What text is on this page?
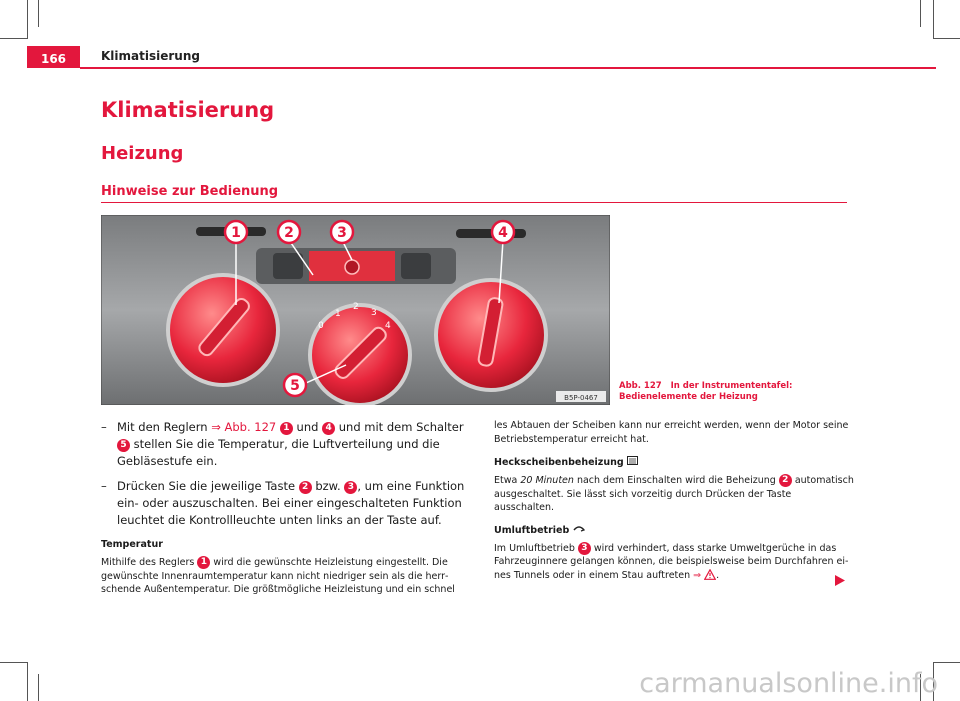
166	Klimatisierung
Klimatisierung
Heizung
Hinweise zur Bedienung
0
1
2
3
4
1	2	3	4
5
B5P-0467
Abb. 127 In der Instrumententafel: Bedienelemente der Heizung
– Mit den Reglern ⇒ Abb. 127 1 und 4 und mit dem Schalter 5 stellen Sie die Temperatur, die Luftverteilung und die Gebläsestufe ein.
– Drücken Sie die jeweilige Taste 2 bzw. 3 , um eine Funktion ein- oder auszuschalten. Bei einer eingeschalteten Funktion leuchtet die Kontrollleuchte unten links an der Taste auf.
Temperatur
Mithilfe des Reglers 1 wird die gewünschte Heizleistung eingestellt. Die gewünschte Innenraumtemperatur kann nicht niedriger sein als die herrschende Außentemperatur. Die größtmögliche Heizleistung und ein schnel
les Abtauen der Scheiben kann nur erreicht werden, wenn der Motor seine Betriebstemperatur erreicht hat.
Heckscheibenbeheizung
Etwa 20 Minuten nach dem Einschalten wird die Beheizung 2 automatisch ausgeschaltet. Sie lässt sich vorzeitig durch Drücken der Taste ausschalten.
Umluftbetrieb
Im Umluftbetrieb 3 wird verhindert, dass starke Umweltgerüche in das Fahrzeuginnere gelangen können, die beispielsweise beim Durchfahren eines Tunnels oder in einem Stau auftreten ⇒ .
carmanualsonline.info
